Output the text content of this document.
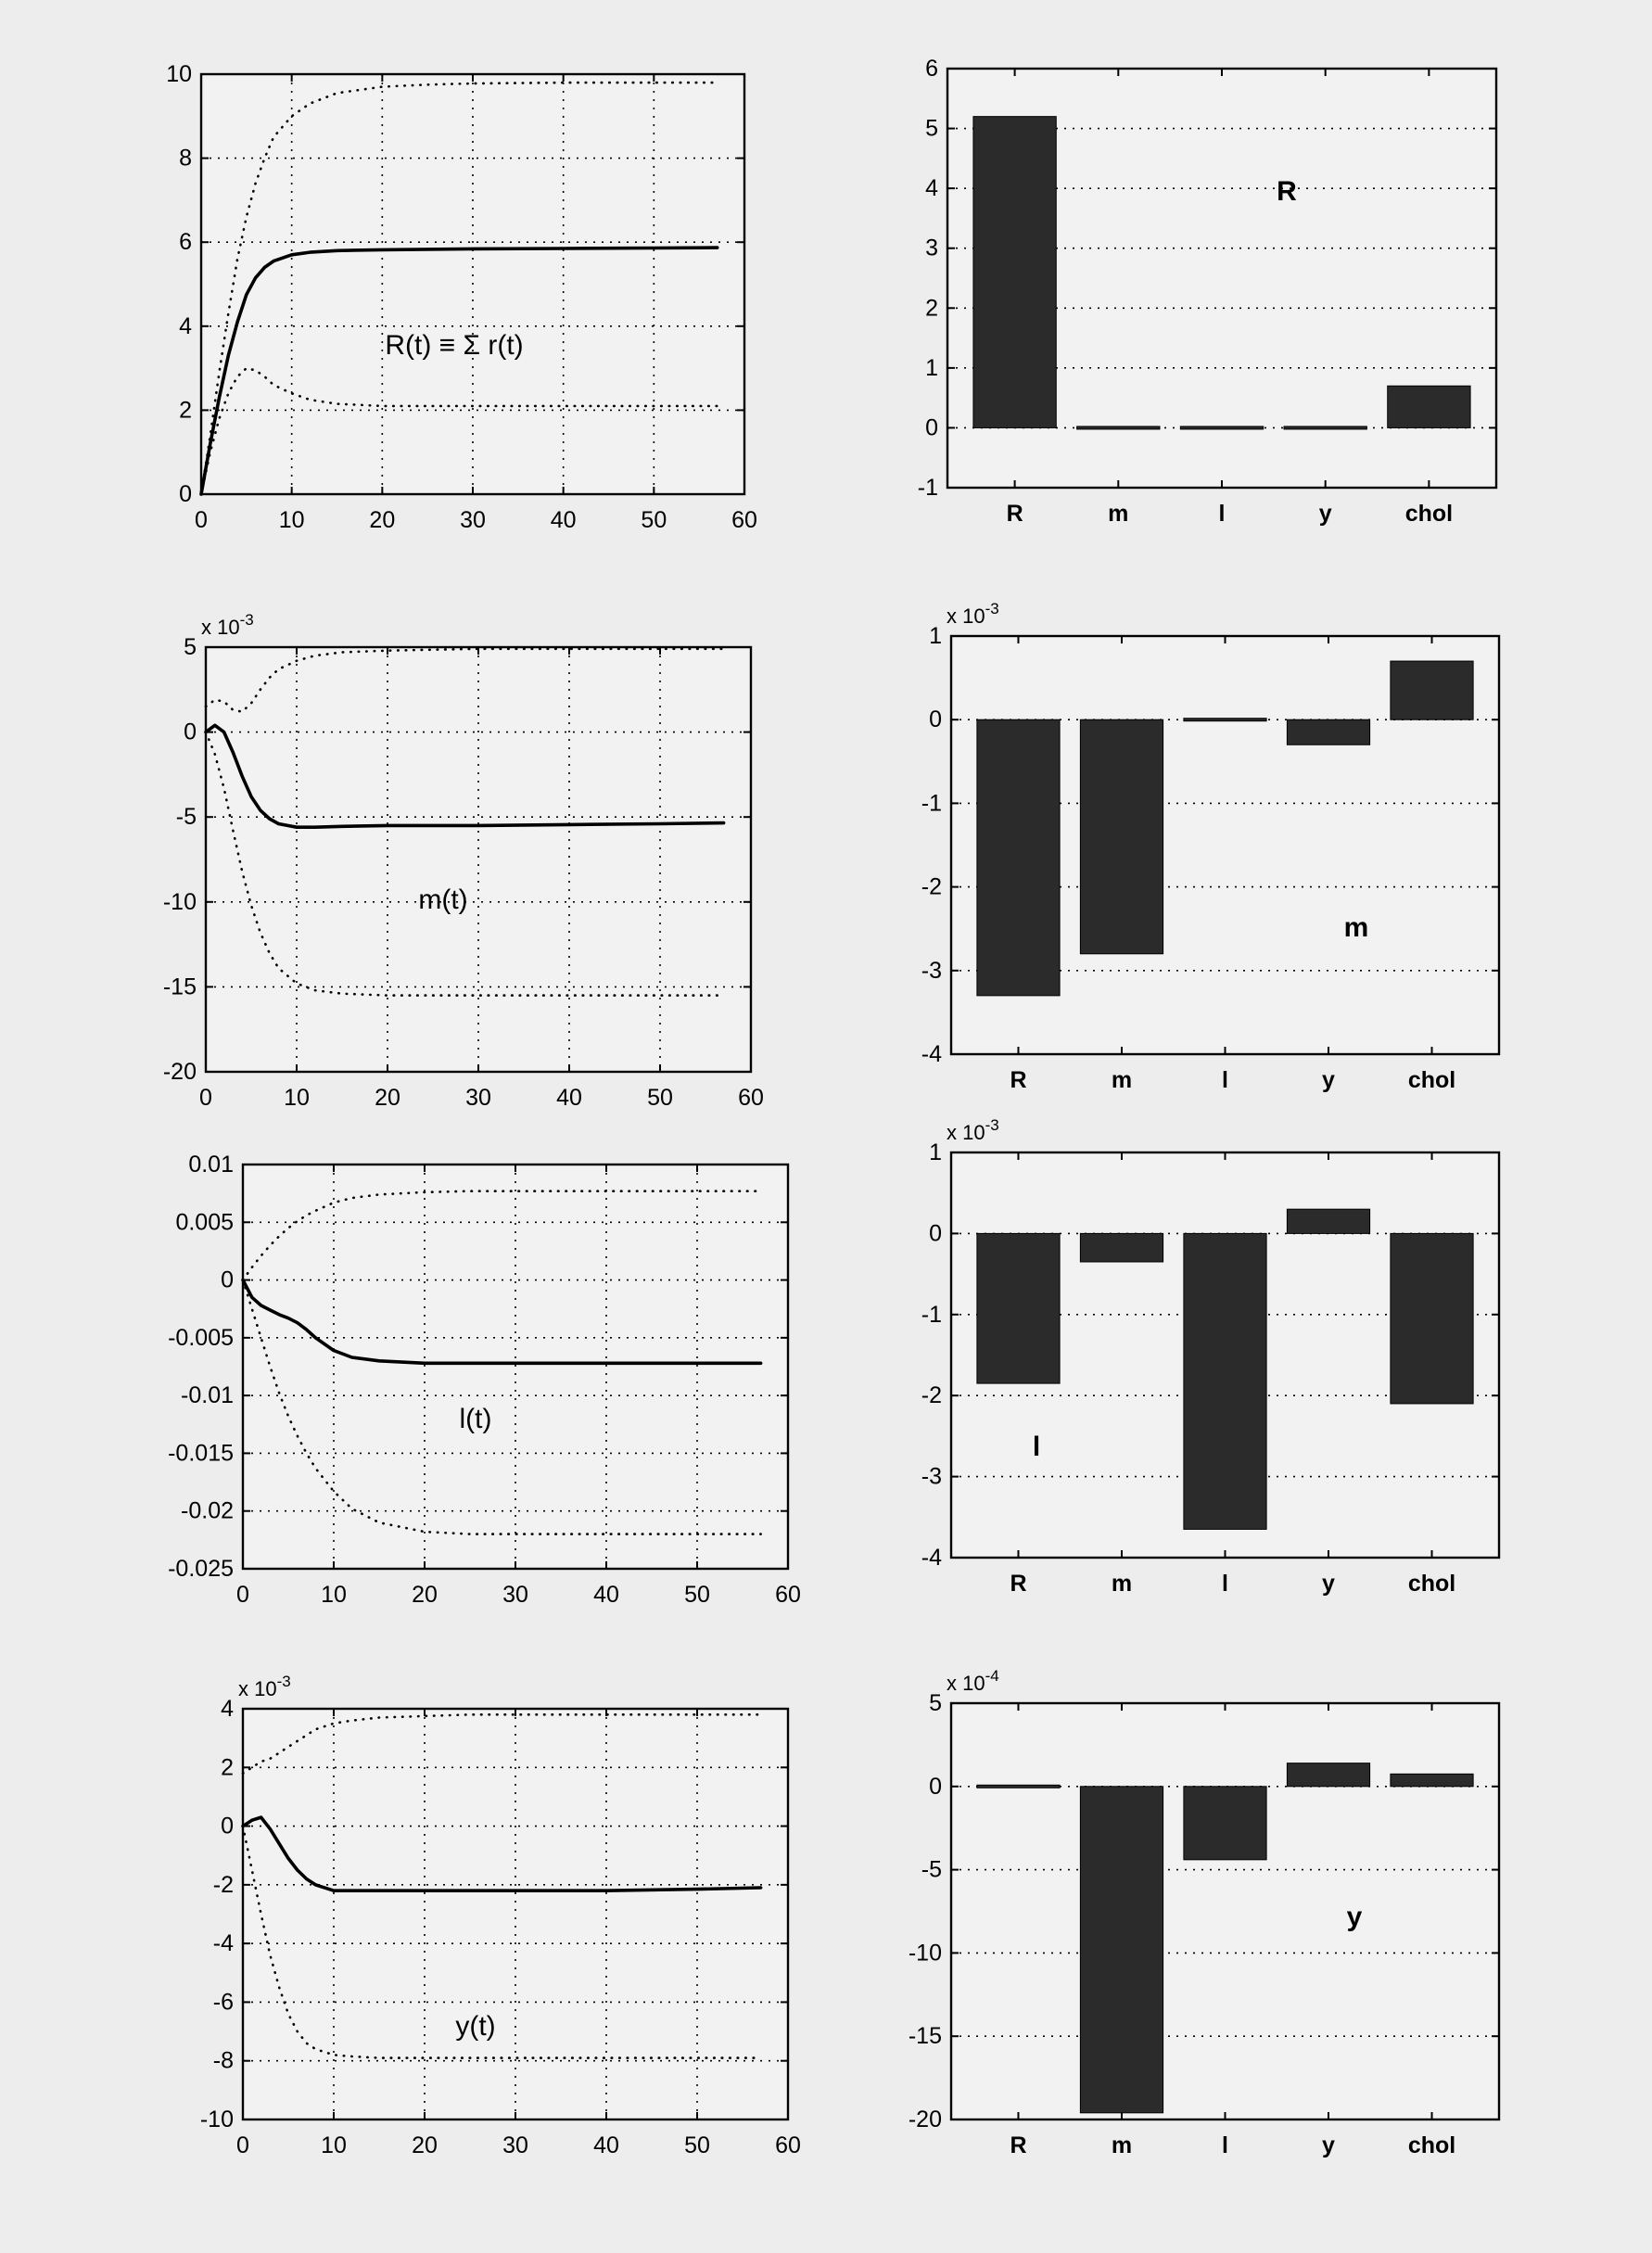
0
2
4
6
8
10
0	10	20	30	40	50	60
R(t) ≡ Σ r(t)
-1
0
1
2
3
4
5
6
R	m	l	y	chol
R
-20
-15
-10
-5
0
5
0	10	20	30	40	50	60
x $10^{-3}$
m(t)
-4
-3
-2
-1
0
1
R	m	l	y	chol
x $10^{-3}$
m
-0.025
-0.02
-0.015
-0.01
-0.005
0
0.005
0.01
0	10	20	30	40	50	60
l(t)
-4
-3
-2
-1
0
1
R	m	l	y	chol
x $10^{-3}$
l
-10
-8
-6
-4
-2
0
2
4
0	10	20	30	40	50	60
x $10^{-3}$
y(t)
-20
-15
-10
-5
0
5
R	m	l	y	chol
x $10^{-4}$
y
